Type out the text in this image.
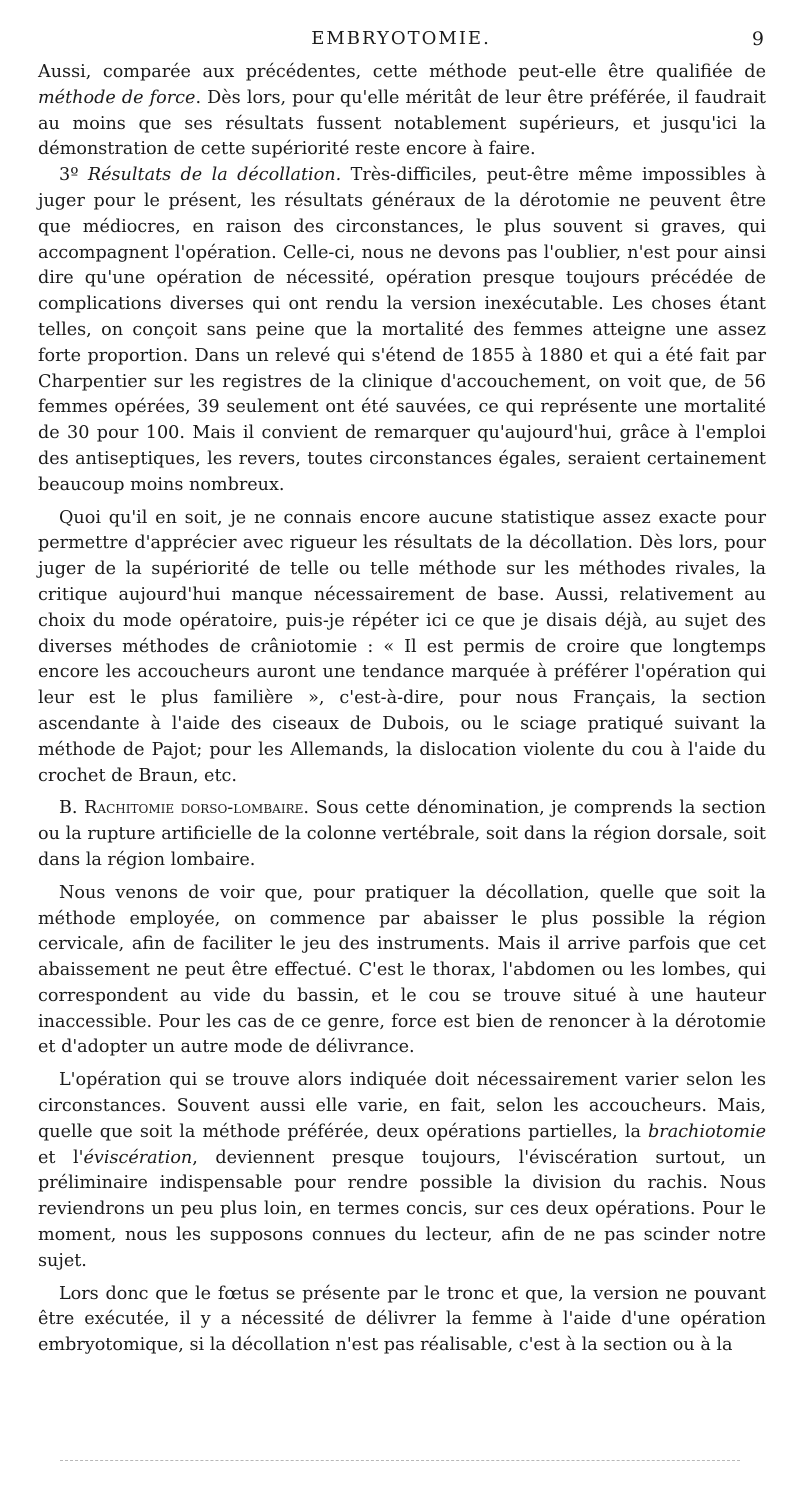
EMBRYOTOMIE.	9

Aussi, comparée aux précédentes, cette méthode peut-elle être qualifiée de méthode de force. Dès lors, pour qu'elle méritât de leur être préférée, il faudrait au moins que ses résultats fussent notablement supérieurs, et jusqu'ici la démonstration de cette supériorité reste encore à faire.

3º Résultats de la décollation. Très-difficiles, peut-être même impossibles à juger pour le présent, les résultats généraux de la dérotomie ne peuvent être que médiocres, en raison des circonstances, le plus souvent si graves, qui accompagnent l'opération. Celle-ci, nous ne devons pas l'oublier, n'est pour ainsi dire qu'une opération de nécessité, opération presque toujours précédée de complications diverses qui ont rendu la version inexécutable. Les choses étant telles, on conçoit sans peine que la mortalité des femmes atteigne une assez forte proportion. Dans un relevé qui s'étend de 1855 à 1880 et qui a été fait par Charpentier sur les registres de la clinique d'accouchement, on voit que, de 56 femmes opérées, 39 seulement ont été sauvées, ce qui représente une mortalité de 30 pour 100. Mais il convient de remarquer qu'aujourd'hui, grâce à l'emploi des antiseptiques, les revers, toutes circonstances égales, seraient certainement beaucoup moins nombreux.

Quoi qu'il en soit, je ne connais encore aucune statistique assez exacte pour permettre d'apprécier avec rigueur les résultats de la décollation. Dès lors, pour juger de la supériorité de telle ou telle méthode sur les méthodes rivales, la critique aujourd'hui manque nécessairement de base. Aussi, relativement au choix du mode opératoire, puis-je répéter ici ce que je disais déjà, au sujet des diverses méthodes de crâniotomie : « Il est permis de croire que longtemps encore les accoucheurs auront une tendance marquée à préférer l'opération qui leur est le plus familière », c'est-à-dire, pour nous Français, la section ascendante à l'aide des ciseaux de Dubois, ou le sciage pratiqué suivant la méthode de Pajot; pour les Allemands, la dislocation violente du cou à l'aide du crochet de Braun, etc.

B. Rachitomie dorso-lombaire. Sous cette dénomination, je comprends la section ou la rupture artificielle de la colonne vertébrale, soit dans la région dorsale, soit dans la région lombaire.

Nous venons de voir que, pour pratiquer la décollation, quelle que soit la méthode employée, on commence par abaisser le plus possible la région cervicale, afin de faciliter le jeu des instruments. Mais il arrive parfois que cet abaissement ne peut être effectué. C'est le thorax, l'abdomen ou les lombes, qui correspondent au vide du bassin, et le cou se trouve situé à une hauteur inaccessible. Pour les cas de ce genre, force est bien de renoncer à la dérotomie et d'adopter un autre mode de délivrance.

L'opération qui se trouve alors indiquée doit nécessairement varier selon les circonstances. Souvent aussi elle varie, en fait, selon les accoucheurs. Mais, quelle que soit la méthode préférée, deux opérations partielles, la brachiotomie et l'éviscération, deviennent presque toujours, l'éviscération surtout, un préliminaire indispensable pour rendre possible la division du rachis. Nous reviendrons un peu plus loin, en termes concis, sur ces deux opérations. Pour le moment, nous les supposons connues du lecteur, afin de ne pas scinder notre sujet.

Lors donc que le fœtus se présente par le tronc et que, la version ne pouvant être exécutée, il y a nécessité de délivrer la femme à l'aide d'une opération embryotomique, si la décollation n'est pas réalisable, c'est à la section ou à la
